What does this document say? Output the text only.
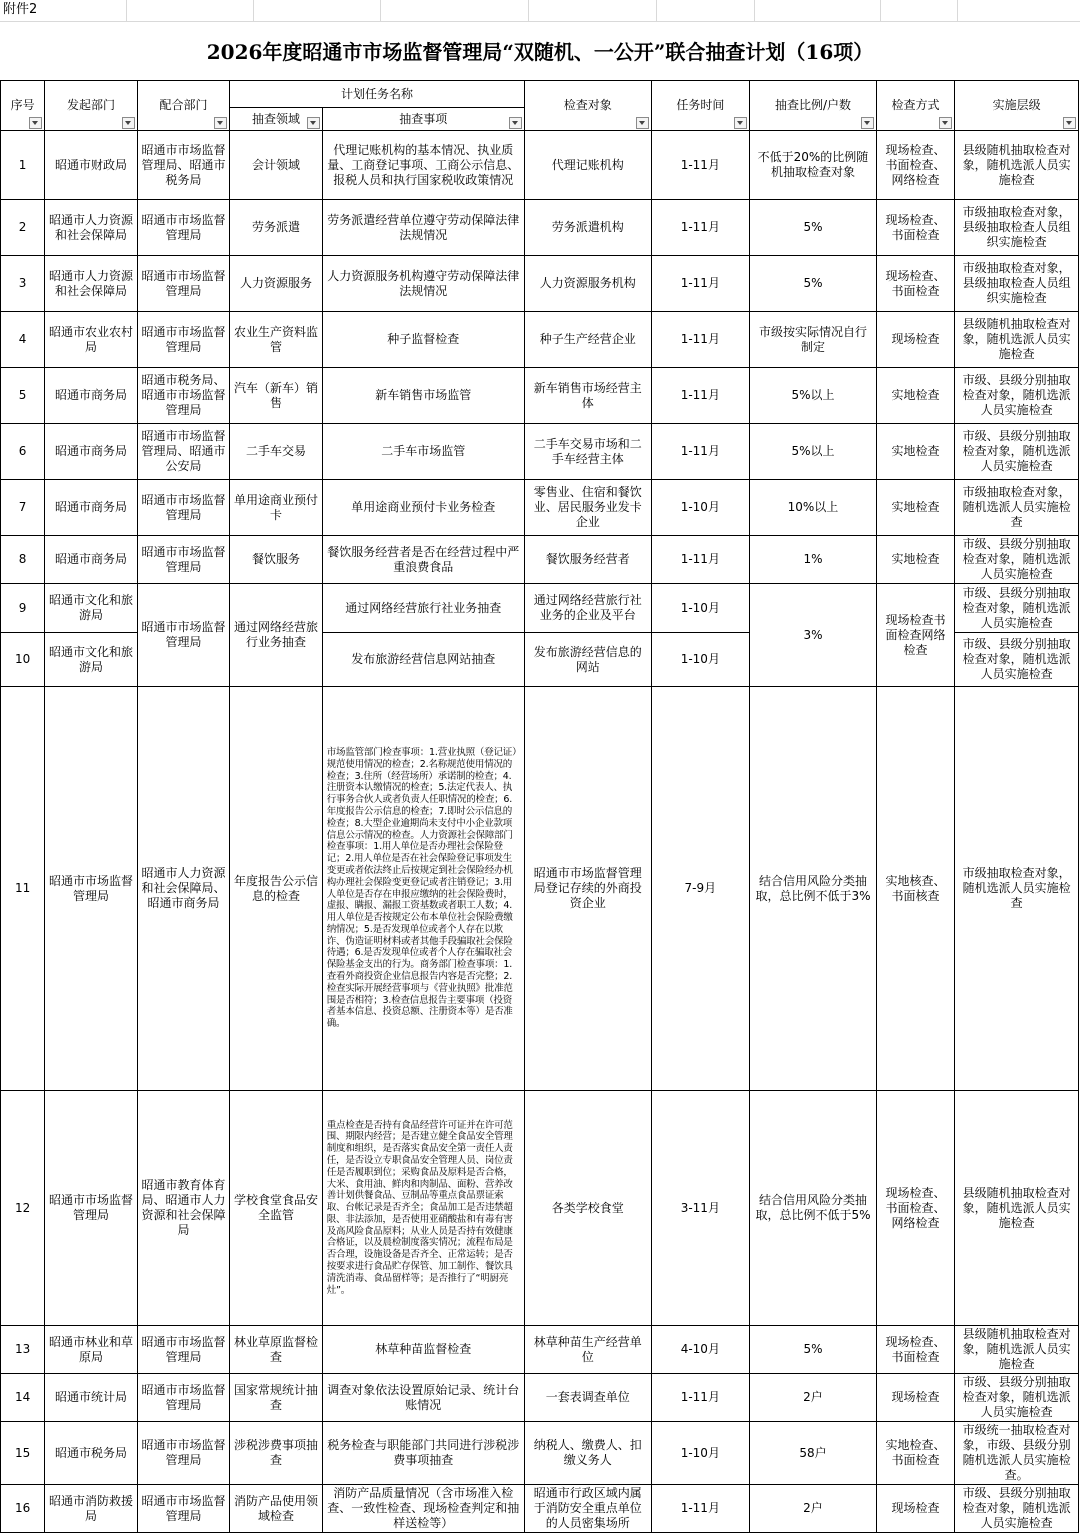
附件2
2026年度昭通市市场监督管理局“双随机、一公开”联合抽查计划（16项）
序号	发起部门	配合部门	计划任务名称		检查对象	任务时间	抽查比例/户数	检查方式	实施层级

			抽查领域	抽查事项					

1	昭通市财政局	昭通市市场监督管理局、昭通市税务局	会计领域	代理记账机构的基本情况、执业质量、工商登记事项、工商公示信息、报税人员和执行国家税收政策情况	代理记账机构	1-11月	不低于20%的比例随机抽取检查对象	现场检查、书面检查、网络检查	县级随机抽取检查对象，随机选派人员实施检查
2	昭通市人力资源和社会保障局	昭通市市场监督管理局	劳务派遣	劳务派遣经营单位遵守劳动保障法律法规情况	劳务派遣机构	1-11月	5%	现场检查、书面检查	市级抽取检查对象，县级抽取检查人员组织实施检查
3	昭通市人力资源和社会保障局	昭通市市场监督管理局	人力资源服务	人力资源服务机构遵守劳动保障法律法规情况	人力资源服务机构	1-11月	5%	现场检查、书面检查	市级抽取检查对象，县级抽取检查人员组织实施检查
4	昭通市农业农村局	昭通市市场监督管理局	农业生产资料监管	种子监督检查	种子生产经营企业	1-11月	市级按实际情况自行制定	现场检查	县级随机抽取检查对象，随机选派人员实施检查
5	昭通市商务局	昭通市税务局、昭通市市场监督管理局	汽车（新车）销售	新车销售市场监管	新车销售市场经营主体	1-11月	5%以上	实地检查	市级、县级分别抽取检查对象，随机选派人员实施检查
6	昭通市商务局	昭通市市场监督管理局、昭通市公安局	二手车交易	二手车市场监管	二手车交易市场和二手车经营主体	1-11月	5%以上	实地检查	市级、县级分别抽取检查对象，随机选派人员实施检查
7	昭通市商务局	昭通市市场监督管理局	单用途商业预付卡	单用途商业预付卡业务检查	零售业、住宿和餐饮业、居民服务业发卡企业	1-10月	10%以上	实地检查	市级抽取检查对象，随机选派人员实施检查
8	昭通市商务局	昭通市市场监督管理局	餐饮服务	餐饮服务经营者是否在经营过程中严重浪费食品	餐饮服务经营者	1-11月	1%	实地检查	市级、县级分别抽取检查对象，随机选派人员实施检查
9	昭通市文化和旅游局	昭通市市场监督管理局	通过网络经营旅行业务抽查	通过网络经营旅行社业务抽查	通过网络经营旅行社业务的企业及平台	1-10月	3%	现场检查书面检查网络检查	市级、县级分别抽取检查对象，随机选派人员实施检查
10	昭通市文化和旅游局			发布旅游经营信息网站抽查	发布旅游经营信息的网站	1-10月			市级、县级分别抽取检查对象，随机选派人员实施检查
11	昭通市市场监督管理局	昭通市人力资源和社会保障局、昭通市商务局	年度报告公示信息的检查	市场监管部门检查事项：1.营业执照（登记证）规范使用情况的检查；2.名称规范使用情况的检查；3.住所（经营场所）承诺制的检查；4.注册资本认缴情况的检查；5.法定代表人、执行事务合伙人或者负责人任职情况的检查；6.年度报告公示信息的检查；7.即时公示信息的检查；8.大型企业逾期尚未支付中小企业款项信息公示情况的检查。人力资源社会保障部门检查事项：1.用人单位是否办理社会保险登记；2.用人单位是否在社会保险登记事项发生变更或者依法终止后按规定到社会保险经办机构办理社会保险变更登记或者注销登记；3.用人单位是否存在申报应缴纳的社会保险费时，虚报、瞒报、漏报工资基数或者职工人数；4.用人单位是否按规定公布本单位社会保险费缴纳情况；5.是否发现单位或者个人存在以欺诈、伪造证明材料或者其他手段骗取社会保险待遇；6.是否发现单位或者个人存在骗取社会保险基金支出的行为。商务部门检查事项：1.查看外商投资企业信息报告内容是否完整；2.检查实际开展经营事项与《营业执照》批准范围是否相符；3.检查信息报告主要事项（投资者基本信息、投资总额、注册资本等）是否准确。	昭通市市场监督管理局登记存续的外商投资企业	7-9月	结合信用风险分类抽取，总比例不低于3%	实地核查、书面核查	市级抽取检查对象，随机选派人员实施检查
12	昭通市市场监督管理局	昭通市教育体育局、昭通市人力资源和社会保障局	学校食堂食品安全监管	重点检查是否持有食品经营许可证并在许可范围、期限内经营；是否建立健全食品安全管理制度和组织，是否落实食品安全第一责任人责任，是否设立专职食品安全管理人员、岗位责任是否履职到位；采购食品及原料是否合格，大米、食用油、鲜肉和肉制品、面粉、营养改善计划供餐食品、豆制品等重点食品票证索取、台帐记录是否齐全；食品加工是否违禁超限、非法添加，是否使用亚硝酸盐和有毒有害及高风险食品原料；从业人员是否持有效健康合格证，以及晨检制度落实情况；流程布局是否合理，设施设备是否齐全、正常运转；是否按要求进行食品贮存保管、加工制作、餐饮具清洗消毒、食品留样等；是否推行了“明厨亮灶”。	各类学校食堂	3-11月	结合信用风险分类抽取，总比例不低于5%	现场检查、书面检查、网络检查	县级随机抽取检查对象，随机选派人员实施检查
13	昭通市林业和草原局	昭通市市场监督管理局	林业草原监督检查	林草种苗监督检查	林草种苗生产经营单位	4-10月	5%	现场检查、书面检查	县级随机抽取检查对象，随机选派人员实施检查
14	昭通市统计局	昭通市市场监督管理局	国家常规统计抽查	调查对象依法设置原始记录、统计台账情况	一套表调查单位	1-11月	2户	现场检查	市级、县级分别抽取检查对象，随机选派人员实施检查
15	昭通市税务局	昭通市市场监督管理局	涉税涉费事项抽查	税务检查与职能部门共同进行涉税涉费事项抽查	纳税人、缴费人、扣缴义务人	1-10月	58户	实地检查、书面检查	市级统一抽取检查对象，市级、县级分别随机选派人员实施检查。
16	昭通市消防救援局	昭通市市场监督管理局	消防产品使用领域检查	消防产品质量情况（含市场准入检查、一致性检查、现场检查判定和抽样送检等）	昭通市行政区域内属于消防安全重点单位的人员密集场所	1-11月	2户	现场检查	市级、县级分别抽取检查对象，随机选派人员实施检查
